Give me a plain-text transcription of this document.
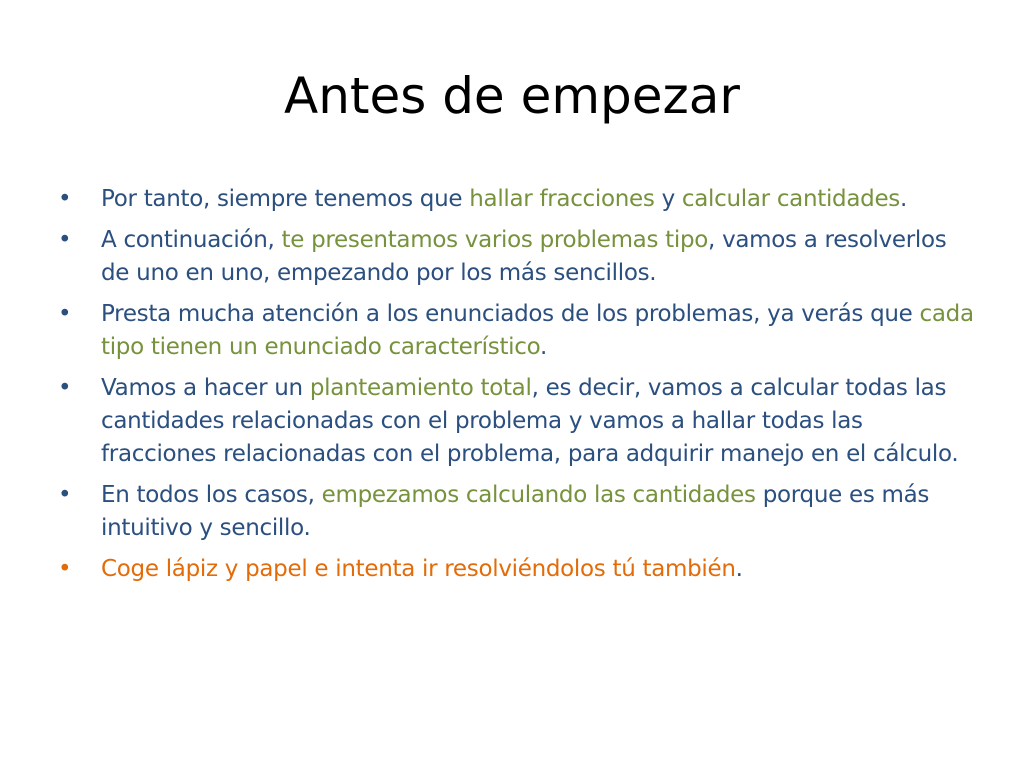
Antes de empezar
•	Por tanto, siempre tenemos que hallar fracciones y calcular cantidades.
•	A continuación, te presentamos varios problemas tipo, vamos a resolverlos de uno en uno, empezando por los más sencillos.
•	Presta mucha atención a los enunciados de los problemas, ya verás que cada tipo tienen un enunciado característico.
•	Vamos a hacer un planteamiento total, es decir, vamos a calcular todas las cantidades relacionadas con el problema y vamos a hallar todas las fracciones relacionadas con el problema, para adquirir manejo en el cálculo.
•	En todos los casos, empezamos calculando las cantidades porque es más intuitivo y sencillo.
•	Coge lápiz y papel e intenta ir resolviéndolos tú también.
